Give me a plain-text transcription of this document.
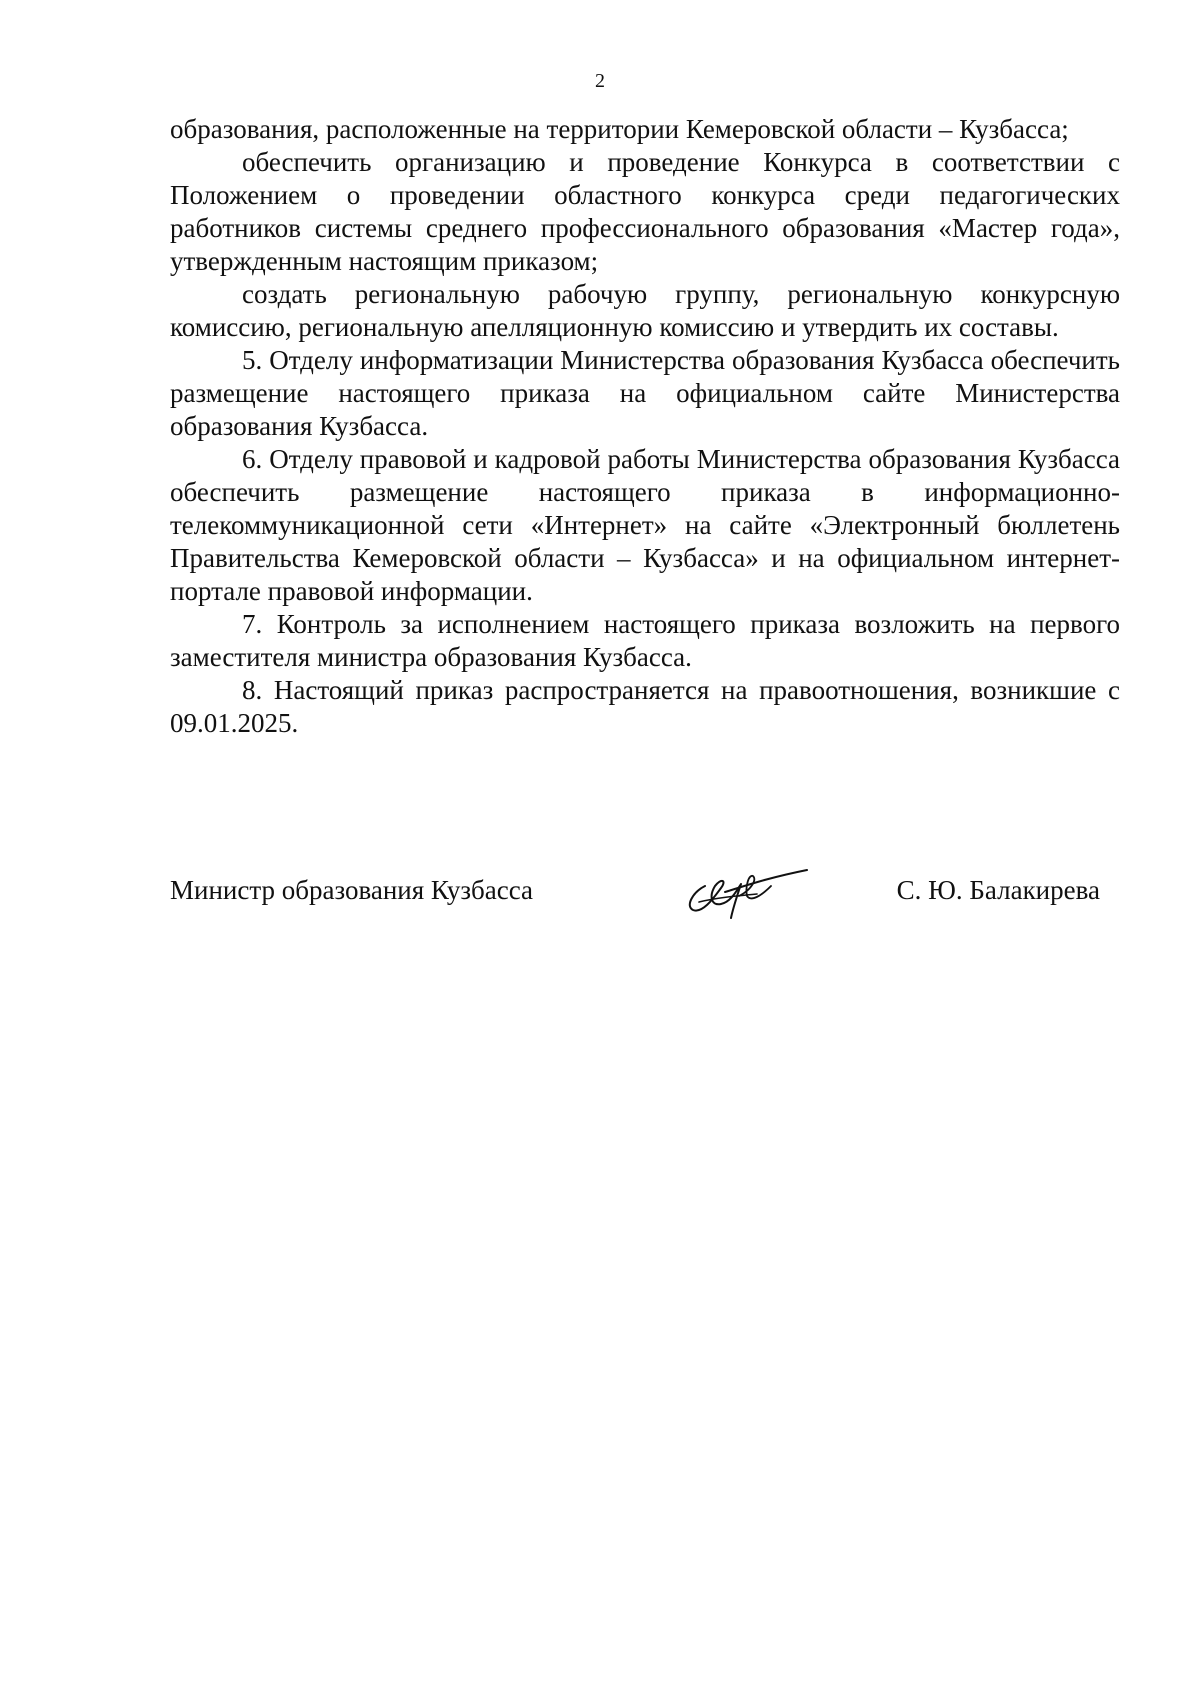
2

образования, расположенные на территории Кемеровской области – Кузбасса;

обеспечить организацию и проведение Конкурса в соответствии с Положением о проведении областного конкурса среди педагогических работников системы среднего профессионального образования «Мастер года», утвержденным настоящим приказом;

создать региональную рабочую группу, региональную конкурсную комиссию, региональную апелляционную комиссию и утвердить их составы.

5. Отделу информатизации Министерства образования Кузбасса обеспечить размещение настоящего приказа на официальном сайте Министерства образования Кузбасса.

6. Отделу правовой и кадровой работы Министерства образования Кузбасса обеспечить размещение настоящего приказа в информационно-телекоммуникационной сети «Интернет» на сайте «Электронный бюллетень Правительства Кемеровской области – Кузбасса» и на официальном интернет-портале правовой информации.

7. Контроль за исполнением настоящего приказа возложить на первого заместителя министра образования Кузбасса.

8. Настоящий приказ распространяется на правоотношения, возникшие с 09.01.2025.

Министр образования Кузбасса	С. Ю. Балакирева
